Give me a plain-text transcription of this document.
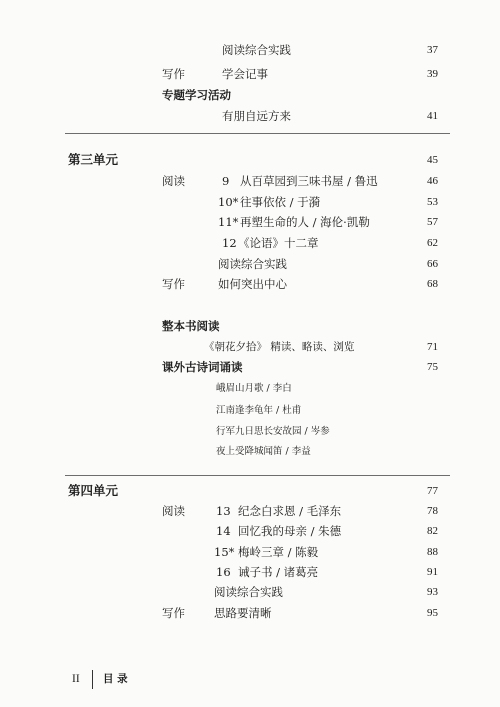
阅读综合实践	37
写作	学会记事	39
专题学习活动
有朋自远方来	41
第三单元	45
阅读	9 从百草园到三味书屋 / 鲁迅	46
10* 往事依依 / 于漪	53
11* 再塑生命的人 / 海伦·凯勒	57
12 《论语》十二章	62
阅读综合实践	66
写作	如何突出中心	68
整本书阅读
《朝花夕拾》 精读、略读、浏览	71
课外古诗词诵读	75
峨眉山月歌 / 李白
江南逢李龟年 / 杜甫
行军九日思长安故园 / 岑参
夜上受降城闻笛 / 李益
第四单元	77
阅读	13 纪念白求恩 / 毛泽东	78
14 回忆我的母亲 / 朱德	82
15* 梅岭三章 / 陈毅	88
16 诫子书 / 诸葛亮	91
阅读综合实践	93
写作	思路要清晰	95
II 目 录
